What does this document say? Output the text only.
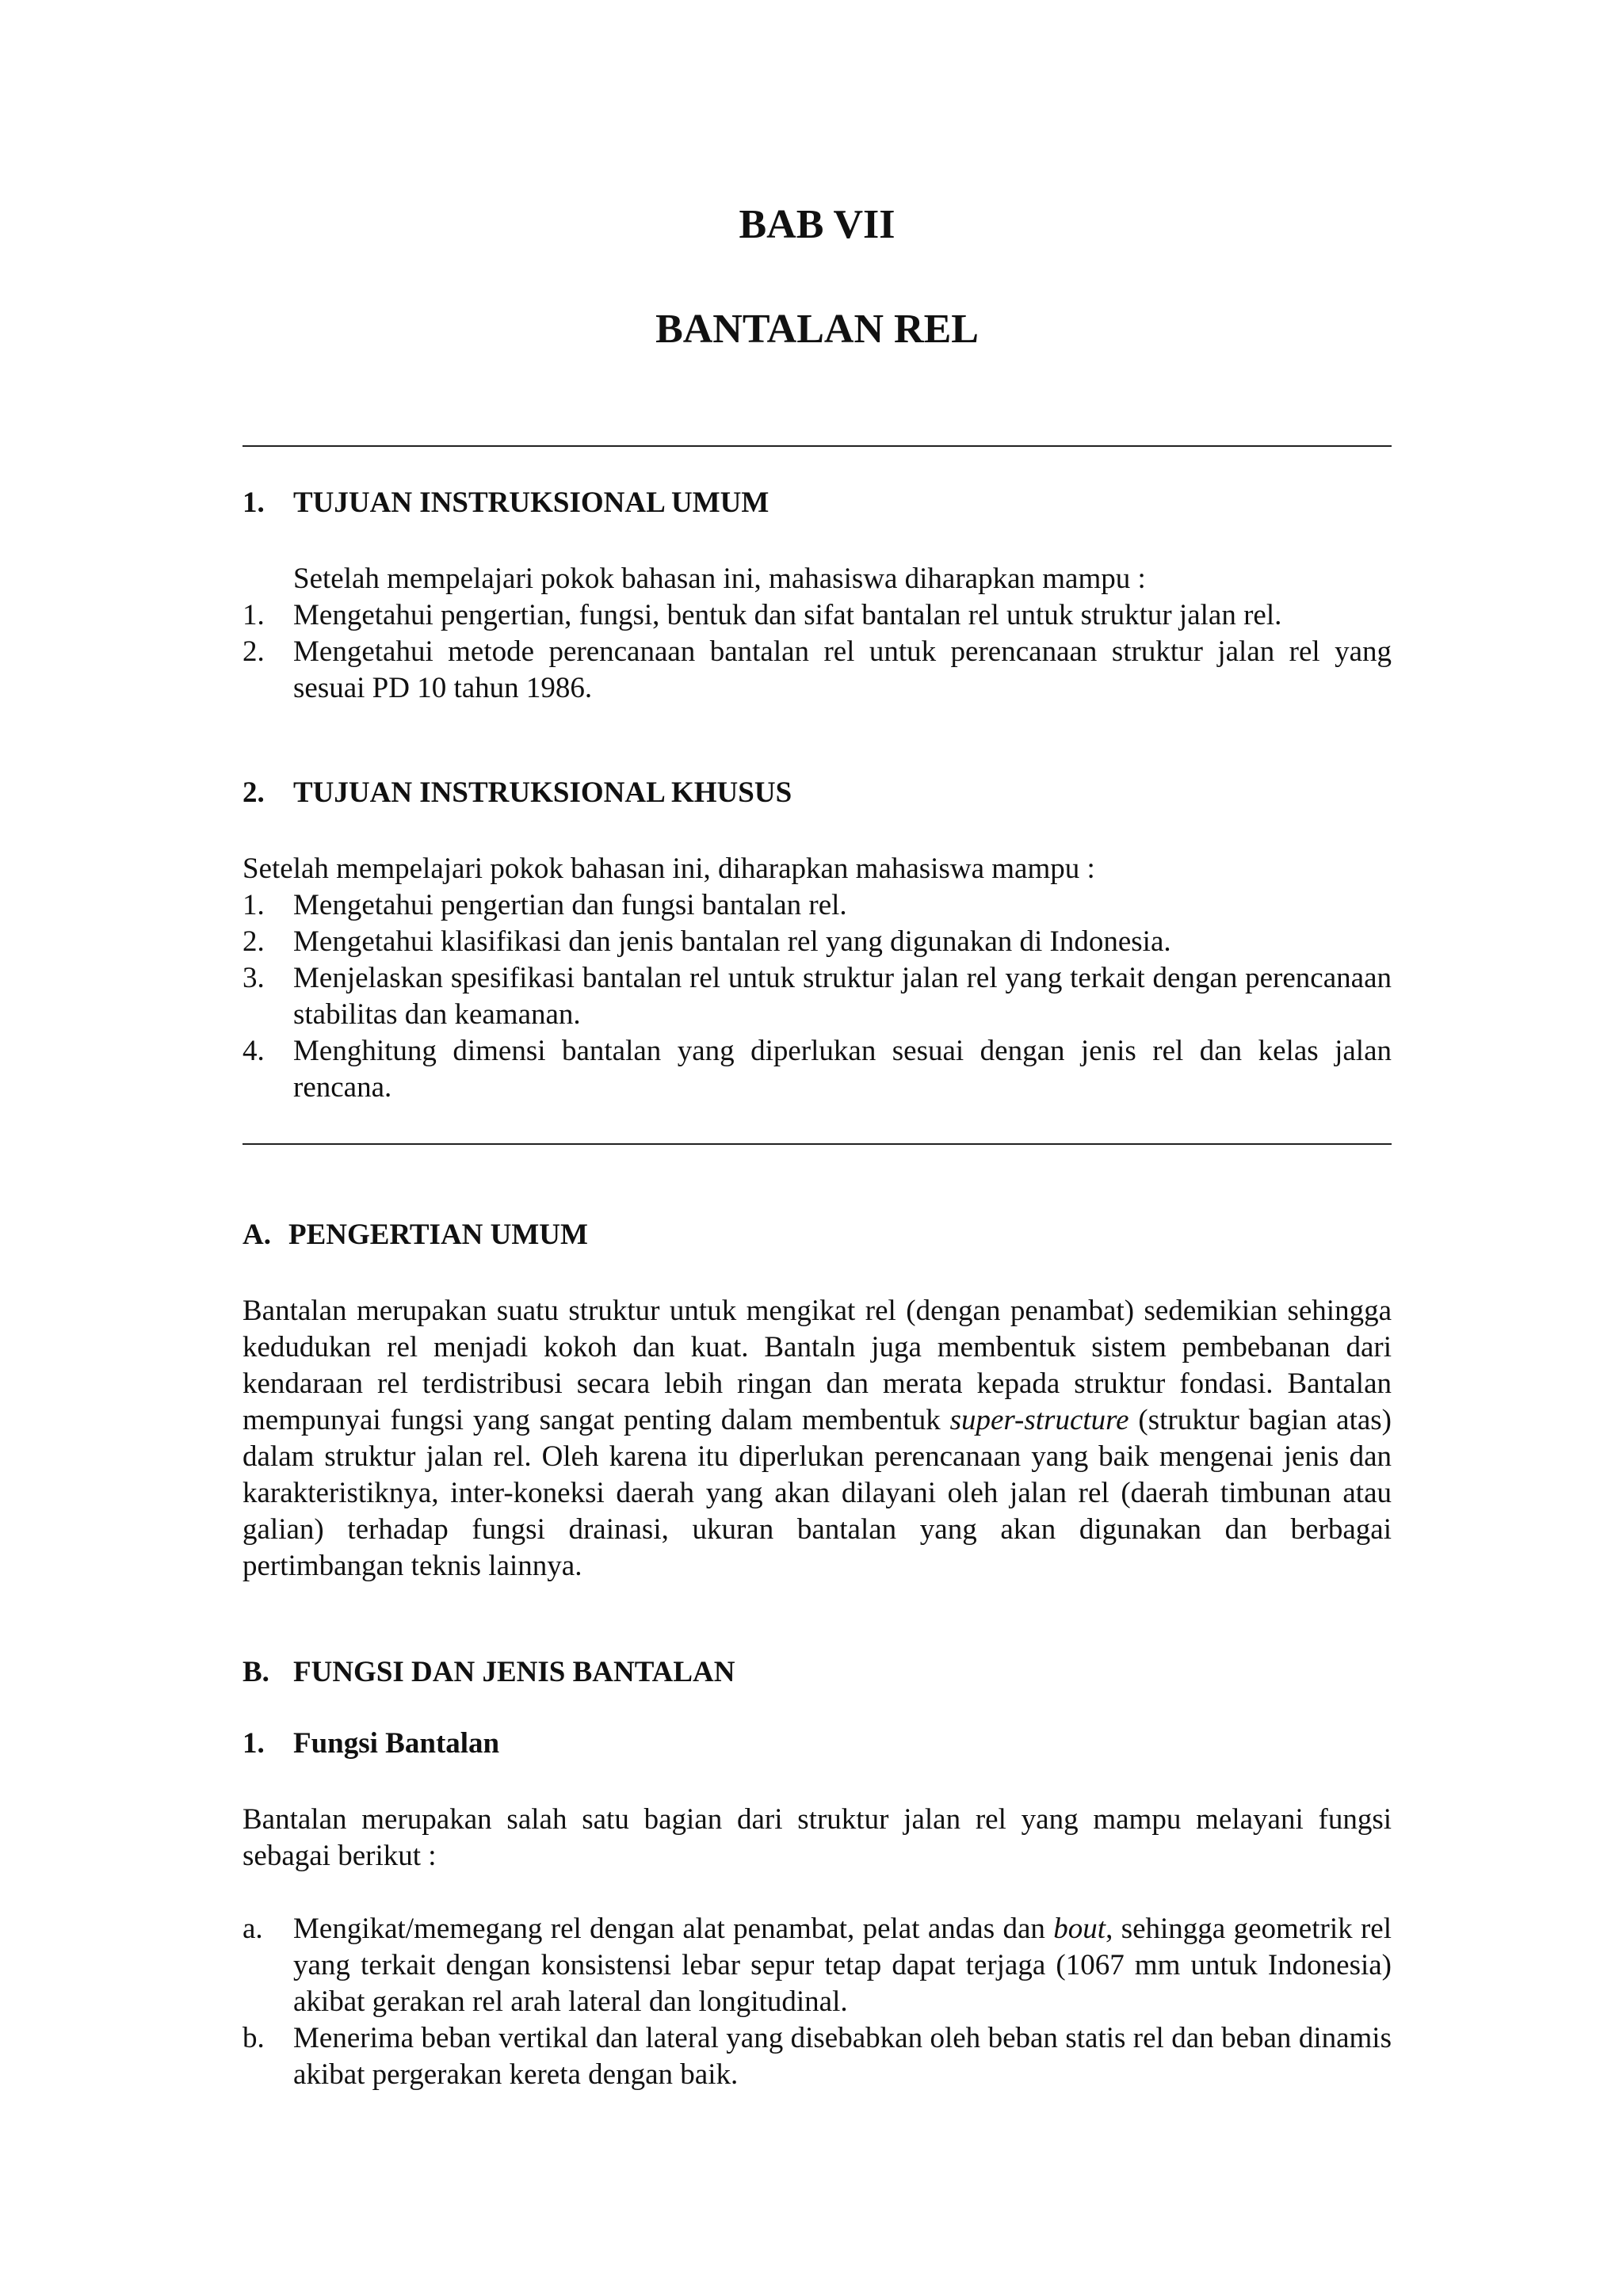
BAB VII
BANTALAN REL
1. TUJUAN INSTRUKSIONAL UMUM

Setelah mempelajari pokok bahasan ini, mahasiswa diharapkan mampu :

1. Mengetahui pengertian, fungsi, bentuk dan sifat bantalan rel untuk struktur jalan rel.
2. Mengetahui metode perencanaan bantalan rel untuk perencanaan struktur jalan rel yang sesuai PD 10 tahun 1986.
2. TUJUAN INSTRUKSIONAL KHUSUS

Setelah mempelajari pokok bahasan ini, diharapkan mahasiswa mampu :

1. Mengetahui pengertian dan fungsi bantalan rel.
2. Mengetahui klasifikasi dan jenis bantalan rel yang digunakan di Indonesia.
3. Menjelaskan spesifikasi bantalan rel untuk struktur jalan rel yang terkait dengan perencanaan stabilitas dan keamanan.
4. Menghitung dimensi bantalan yang diperlukan sesuai dengan jenis rel dan kelas jalan rencana.
A. PENGERTIAN UMUM

Bantalan merupakan suatu struktur untuk mengikat rel (dengan penambat) sedemikian sehingga kedudukan rel menjadi kokoh dan kuat. Bantaln juga membentuk sistem pembebanan dari kendaraan rel terdistribusi secara lebih ringan dan merata kepada struktur fondasi. Bantalan mempunyai fungsi yang sangat penting dalam membentuk super-structure (struktur bagian atas) dalam struktur jalan rel. Oleh karena itu diperlukan perencanaan yang baik mengenai jenis dan karakteristiknya, inter-koneksi daerah yang akan dilayani oleh jalan rel (daerah timbunan atau galian) terhadap fungsi drainasi, ukuran bantalan yang akan digunakan dan berbagai pertimbangan teknis lainnya.

B. FUNGSI DAN JENIS BANTALAN
1. Fungsi Bantalan

Bantalan merupakan salah satu bagian dari struktur jalan rel yang mampu melayani fungsi sebagai berikut :

a.	Mengikat/memegang rel dengan alat penambat, pelat andas dan bout, sehingga geometrik rel yang terkait dengan konsistensi lebar sepur tetap dapat terjaga (1067 mm untuk Indonesia) akibat gerakan rel arah lateral dan longitudinal.
b. Menerima beban vertikal dan lateral yang disebabkan oleh beban statis rel dan beban dinamis akibat pergerakan kereta dengan baik.
